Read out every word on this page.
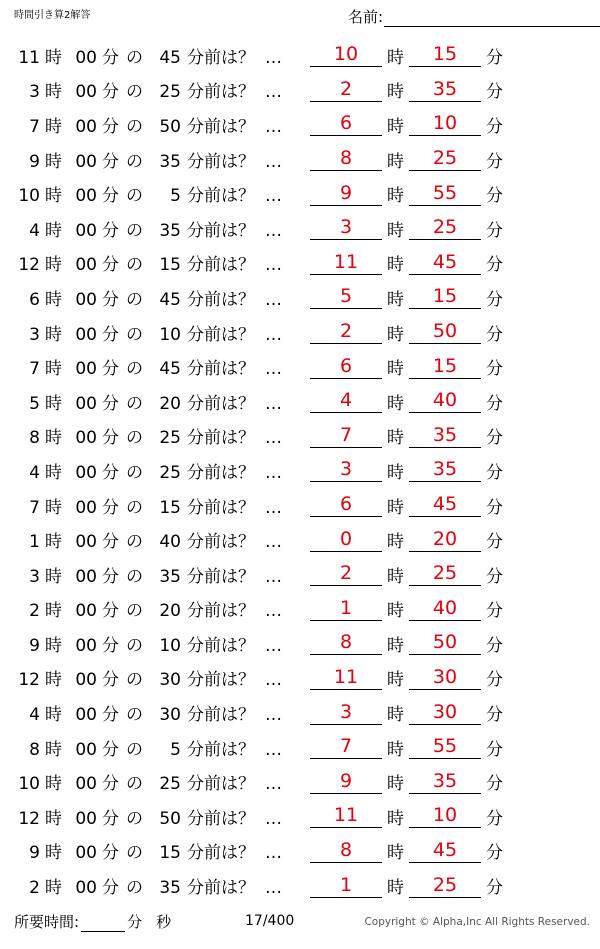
時間引き算2解答	名前:
11 時 00 分 の 45 分前は？ …	10	時	15	分
3 時 00 分 の 25 分前は？ …	2	時	35	分
7 時 00 分 の 50 分前は？ …	6	時	10	分
9 時 00 分 の 35 分前は？ …	8	時	25	分
10 時 00 分 の	5 分前は？ …	9	時	55	分
4 時 00 分 の 35 分前は？ …	3	時	25	分
12 時 00 分 の 15 分前は？ …	11	時	45	分
6 時 00 分 の 45 分前は？ …	5	時	15	分
3 時 00 分 の 10 分前は？ …	2	時	50	分
7 時 00 分 の 45 分前は？ …	6	時	15	分
5 時 00 分 の 20 分前は？ …	4	時	40	分
8 時 00 分 の 25 分前は？ …	7	時	35	分
4 時 00 分 の 25 分前は？ …	3	時	35	分
7 時 00 分 の 15 分前は？ …	6	時	45	分
1 時 00 分 の 40 分前は？ …	0	時	20	分
3 時 00 分 の 35 分前は？ …	2	時	25	分
2 時 00 分 の 20 分前は？ …	1	時	40	分
9 時 00 分 の 10 分前は？ …	8	時	50	分
12 時 00 分 の 30 分前は？ …	11	時	30	分
4 時 00 分 の 30 分前は？ …	3	時	30	分
8 時 00 分 の	5 分前は？ …	7	時	55	分
10 時 00 分 の 25 分前は？ …	9	時	35	分
12 時 00 分 の 50 分前は？ …	11	時	10	分
9 時 00 分 の 15 分前は？ …	8	時	45	分
2 時 00 分 の 35 分前は？ …	1	時	25	分
所要時間:	分 秒	17/400	Copyright © Alpha,Inc All Rights Reserved.
